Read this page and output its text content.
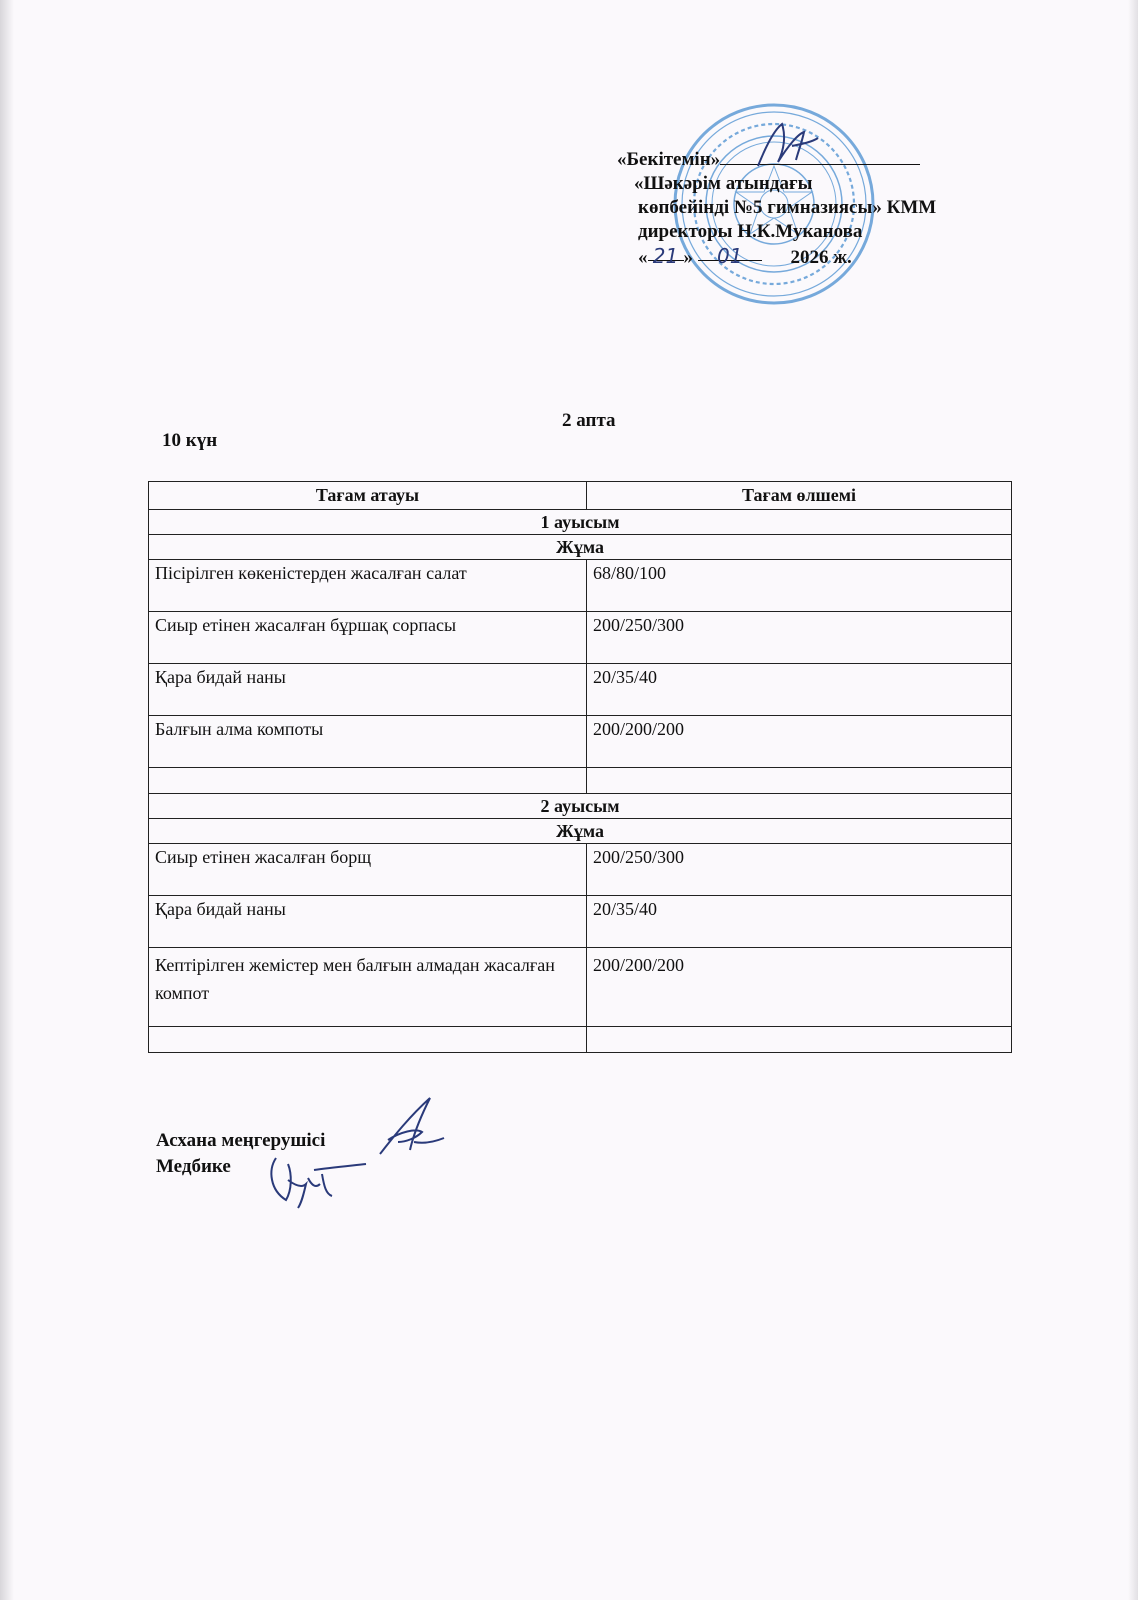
«Бекітемін»
«Шәкәрім атындағы
көпбейінді №5 гимназиясы» КММ
директоры Н.К.Муканова
« 21 » 01	2026 ж.
2 апта
10 күн
Тағам атауы	Тағам өлшемі
1 ауысым	
Жұма	
Пісірілген көкеністерден жасалған салат	68/80/100
Сиыр етінен жасалған бұршақ сорпасы	200/250/300
Қара бидай наны	20/35/40
Балғын алма компоты	200/200/200

2 ауысым	
Жұма	
Сиыр етінен жасалған борщ	200/250/300
Қара бидай наны	20/35/40
Кептірілген жемістер мен балғын алмадан жасалған компот	200/200/200

Асхана меңгерушісі
Медбике
